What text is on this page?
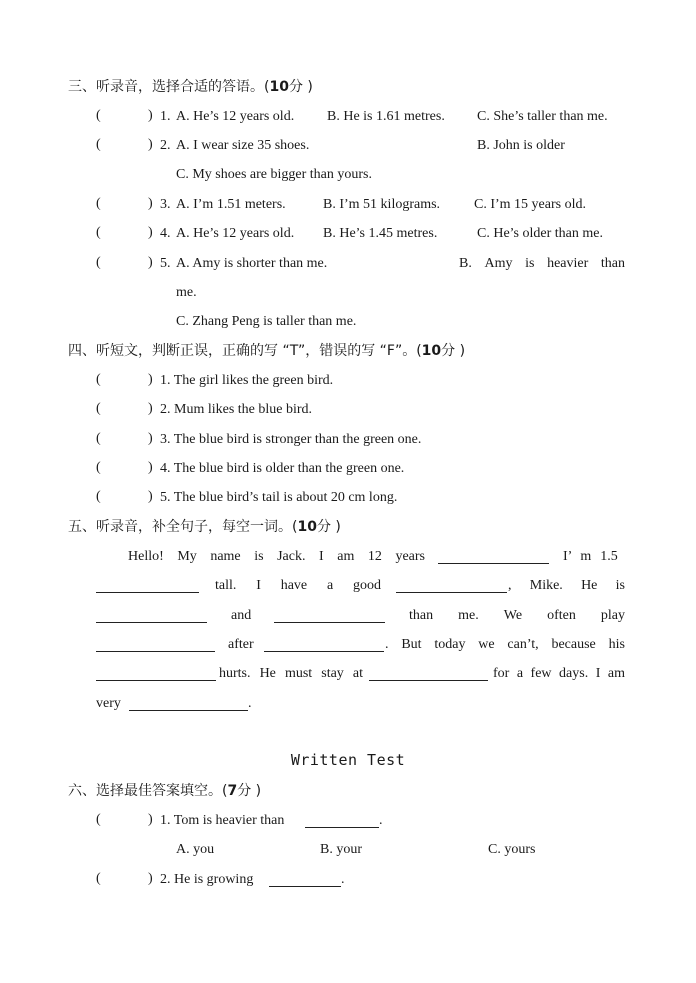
三、听录音，选择合适的答语。(10分 )
(	) 1. A. He’s 12 years old. B. He is 1.61 metres. C. She’s taller than me.
(	) 2. A. I wear size 35 shoes.	B. John is older
C. My shoes are bigger than yours.
(	) 3. A. I’m 1.51 meters.	B. I’m 51 kilograms. C. I’m 15 years old.
(	) 4. A. He’s 12 years old. B. He’s 1.45 metres.	C. He’s older than me.
(	) 5. A. Amy is shorter than me.	B. Amy is heavier than
me.
C. Zhang Peng is taller than me.
四、听短文，判断正误，正确的写 “T”，错误的写 “F”。(10分 )
(	) 1. The girl likes the green bird.
(	) 2. Mum likes the blue bird.
(	) 3. The blue bird is stronger than the green one.
(	) 4. The blue bird is older than the green one.
(	) 5. The blue bird’s tail is about 20 cm long.
五、听录音，补全句子，每空一词。(10分 )
Hello! My name is Jack. I am 12 years	I’ m 1.5
tall. I have a good	, Mike. He is
and	than me. We often play
after	. But today we can’t, because his
hurts. He must stay at	for a few days. I am
very	.
Written Test
六、选择最佳答案填空。(7分 )
(	) 1. Tom is heavier than	.
A. you	B. your	C. yours
(	) 2. He is growing	.
